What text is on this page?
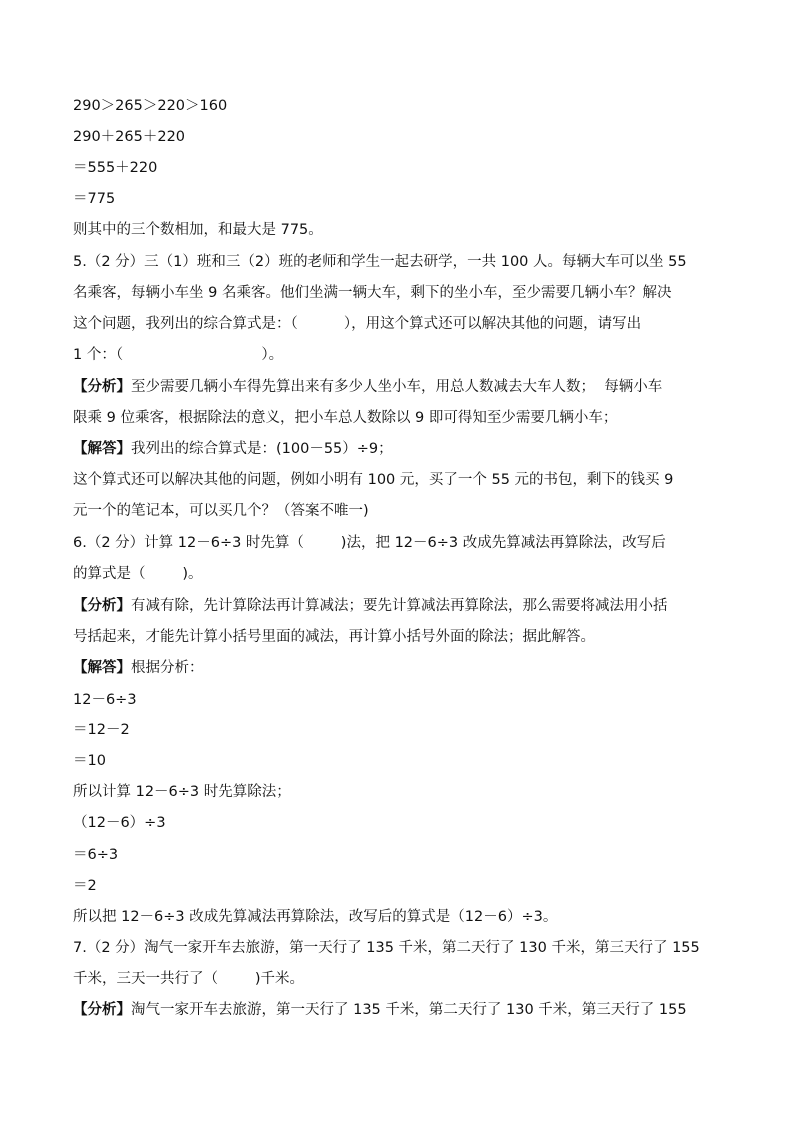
290＞265＞220＞160
290＋265＋220
＝555＋220
＝775
则其中的三个数相加，和最大是 775。
5.（2 分）三（1）班和三（2）班的老师和学生一起去研学，一共 100 人。每辆大车可以坐 55
名乘客，每辆小车坐 9 名乘客。他们坐满一辆大车，剩下的坐小车，至少需要几辆小车？解决
这个问题，我列出的综合算式是：（          ），用这个算式还可以解决其他的问题，请写出
1 个：（                              ）。
【分析】至少需要几辆小车得先算出来有多少人坐小车，用总人数减去大车人数；  每辆小车
限乘 9 位乘客，根据除法的意义，把小车总人数除以 9 即可得知至少需要几辆小车；
【解答】我列出的综合算式是：(100－55）÷9；
这个算式还可以解决其他的问题，例如小明有 100 元，买了一个 55 元的书包，剩下的钱买 9
元一个的笔记本，可以买几个？（答案不唯一)
6.（2 分）计算 12－6÷3 时先算（        )法，把 12－6÷3 改成先算减法再算除法，改写后
的算式是（        )。
【分析】有减有除，先计算除法再计算减法；要先计算减法再算除法，那么需要将减法用小括
号括起来，才能先计算小括号里面的减法，再计算小括号外面的除法；据此解答。
【解答】根据分析：
12－6÷3
＝12－2
＝10
所以计算 12－6÷3 时先算除法；
（12－6）÷3
＝6÷3
＝2
所以把 12－6÷3 改成先算减法再算除法，改写后的算式是（12－6）÷3。
7.（2 分）淘气一家开车去旅游，第一天行了 135 千米，第二天行了 130 千米，第三天行了 155
千米，三天一共行了（        )千米。
【分析】淘气一家开车去旅游，第一天行了 135 千米，第二天行了 130 千米，第三天行了 155
